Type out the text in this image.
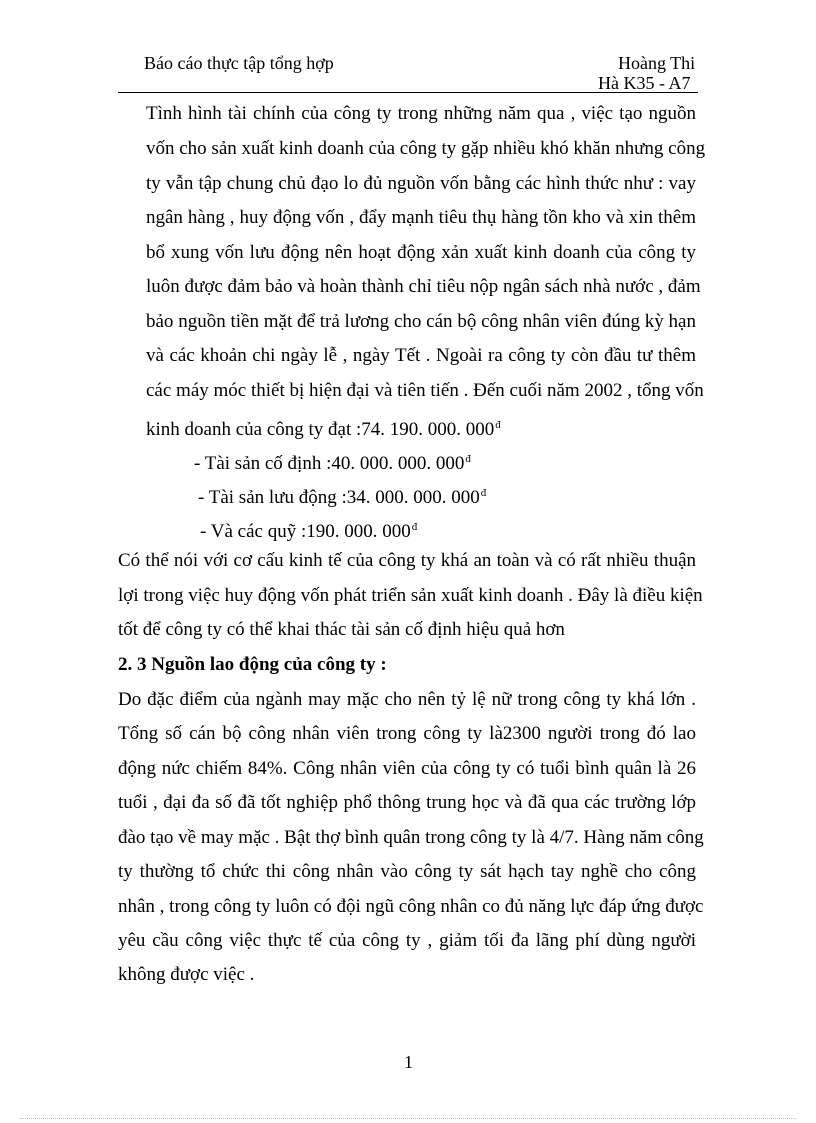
Báo cáo thực tập tổng hợp	Hoàng Thi
Hà K35 - A7
Tình hình tài chính của công ty trong những năm qua , việc tạo nguồn
vốn cho sản xuất kinh doanh của công ty gặp nhiều khó khăn nhưng công
ty vẫn tập chung chủ đạo lo đủ nguồn vốn bằng các hình thức như : vay
ngân hàng , huy động vốn , đẩy mạnh tiêu thụ hàng tồn kho và xin thêm
bổ xung vốn lưu động nên hoạt động xản xuất kinh doanh của công ty
luôn được đảm bảo và hoàn thành chỉ tiêu nộp ngân sách nhà nước , đảm
bảo nguồn tiền mặt để trả lương cho cán bộ công nhân viên đúng kỳ hạn
và các khoản chi ngày lễ , ngày Tết . Ngoài ra công ty còn đầu tư thêm
các máy móc thiết bị hiện đại và tiên tiến . Đến cuối năm 2002 , tổng vốn
kinh doanh của công ty đạt :74. 190. 000. $000^đ$
- Tài sản cố định :40. 000. 000. $000^đ$
- Tài sản lưu động :34. 000. 000. $000^đ$
- Và các quỹ :190. 000. $000^đ$
Có thể nói với cơ cấu kinh tế của công ty khá an toàn và có rất nhiều thuận
lợi trong việc huy động vốn phát triển sản xuất kinh doanh . Đây là điều kiện
tốt để công ty có thể khai thác tài sản cố định hiệu quả hơn
2. 3 Nguồn lao động của công ty :
Do đặc điểm của ngành may mặc cho nên tỷ lệ nữ trong công ty khá lớn .
Tổng số cán bộ công nhân viên trong công ty là2300 người trong đó lao
động nức chiếm 84%. Công nhân viên của công ty có tuổi bình quân là 26
tuổi , đại đa số đã tốt nghiệp phổ thông trung học và đã qua các trường lớp
đào tạo về may mặc . Bật thợ bình quân trong công ty là 4/7. Hàng năm công
ty thường tổ chức thi công nhân vào công ty sát hạch tay nghề cho công
nhân , trong công ty luôn có đội ngũ công nhân co đủ năng lực đáp ứng được
yêu cầu công việc thực tế của công ty , giảm tối đa lãng phí dùng người
không được việc .
1
